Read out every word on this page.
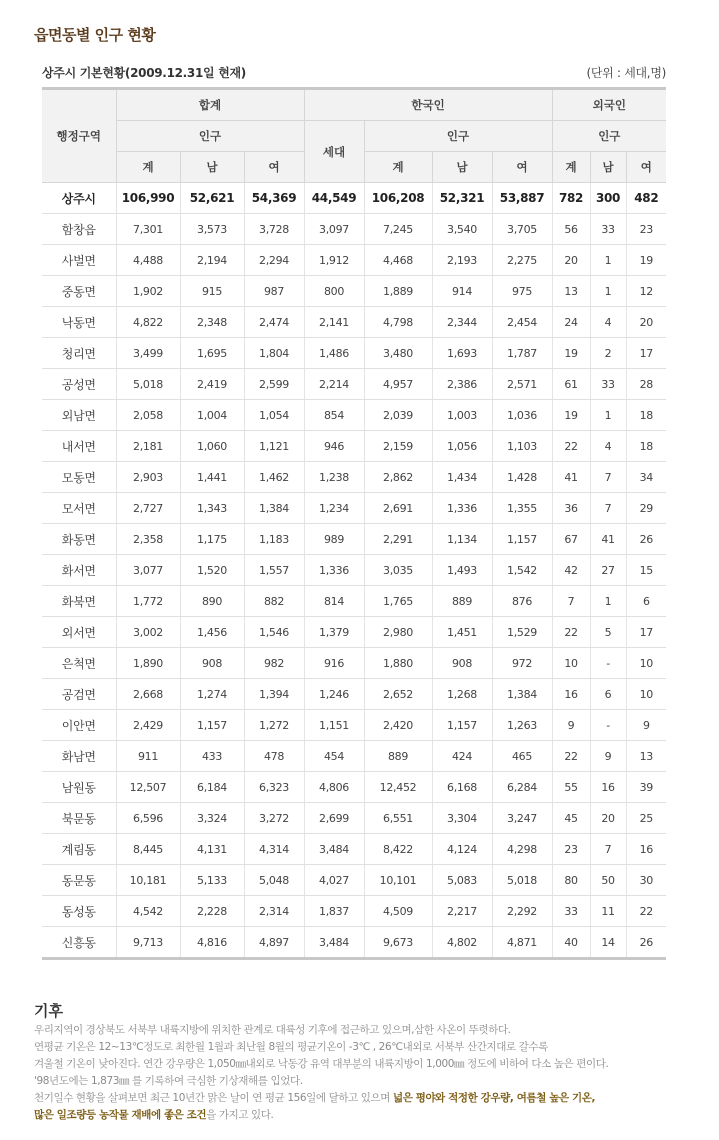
읍면동별 인구 현황
상주시 기본현황(2009.12.31일 현재)	(단위 : 세대,명)
행정구역	합계			한국인				외국인		
	인구			세대	인구			인구		
	계	남	여		계	남	여	계	남	여
상주시	106,990	52,621	54,369	44,549	106,208	52,321	53,887	782	300	482
함창읍	7,301	3,573	3,728	3,097	7,245	3,540	3,705	56	33	23
사벌면	4,488	2,194	2,294	1,912	4,468	2,193	2,275	20	1	19
중동면	1,902	915	987	800	1,889	914	975	13	1	12
낙동면	4,822	2,348	2,474	2,141	4,798	2,344	2,454	24	4	20
청리면	3,499	1,695	1,804	1,486	3,480	1,693	1,787	19	2	17
공성면	5,018	2,419	2,599	2,214	4,957	2,386	2,571	61	33	28
외남면	2,058	1,004	1,054	854	2,039	1,003	1,036	19	1	18
내서면	2,181	1,060	1,121	946	2,159	1,056	1,103	22	4	18
모동면	2,903	1,441	1,462	1,238	2,862	1,434	1,428	41	7	34
모서면	2,727	1,343	1,384	1,234	2,691	1,336	1,355	36	7	29
화동면	2,358	1,175	1,183	989	2,291	1,134	1,157	67	41	26
화서면	3,077	1,520	1,557	1,336	3,035	1,493	1,542	42	27	15
화북면	1,772	890	882	814	1,765	889	876	7	1	6
외서면	3,002	1,456	1,546	1,379	2,980	1,451	1,529	22	5	17
은척면	1,890	908	982	916	1,880	908	972	10	-	10
공검면	2,668	1,274	1,394	1,246	2,652	1,268	1,384	16	6	10
이안면	2,429	1,157	1,272	1,151	2,420	1,157	1,263	9	-	9
화남면	911	433	478	454	889	424	465	22	9	13
남원동	12,507	6,184	6,323	4,806	12,452	6,168	6,284	55	16	39
북문동	6,596	3,324	3,272	2,699	6,551	3,304	3,247	45	20	25
계림동	8,445	4,131	4,314	3,484	8,422	4,124	4,298	23	7	16
동문동	10,181	5,133	5,048	4,027	10,101	5,083	5,018	80	50	30
동성동	4,542	2,228	2,314	1,837	4,509	2,217	2,292	33	11	22
신흥동	9,713	4,816	4,897	3,484	9,673	4,802	4,871	40	14	26
기후

우리지역이 경상북도 서북부 내륙지방에 위치한 관계로 대륙성 기후에 접근하고 있으며,삼한 사온이 뚜렷하다.

연평균 기온은 12~13℃정도로 최한월 1월과 최난월 8월의 평균기온이 -3℃ , 26℃내외로 서북부 산간지대로 갈수록

겨울철 기온이 낮아진다. 연간 강우량은 1,050㎜내외로 낙동강 유역 대부분의 내륙지방이 1,000㎜ 정도에 비하여 다소 높은 편이다.

'98년도에는 1,873㎜ 를 기록하여 극심한 기상재해를 입었다.

천기일수 현황을 살펴보면 최근 10년간 맑은 날이 연 평균 156일에 달하고 있으며 넓은 평야와 적정한 강우량, 여름철 높은 기온,

많은 일조량등 농작물 재배에 좋은 조건을 가지고 있다.
